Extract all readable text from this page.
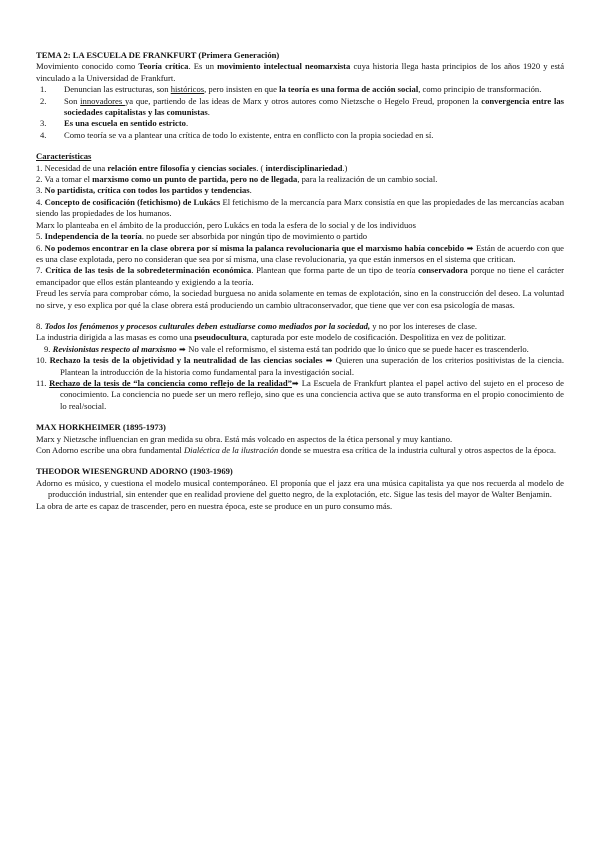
TEMA 2: LA ESCUELA DE FRANKFURT (Primera Generación)

Movimiento conocido como Teoría crítica. Es un movimiento intelectual neomarxista cuya historia llega hasta principios de los años 1920 y está vinculado a la Universidad de Frankfurt.

1.	Denuncian las estructuras, son históricos, pero insisten en que la teoría es una forma de acción social, como principio de transformación.
2.	Son innovadores ya que, partiendo de las ideas de Marx y otros autores como Nietzsche o Hegelo Freud, proponen la convergencia entre las sociedades capitalistas y las comunistas.
3.	Es una escuela en sentido estricto.
4.	Como teoría se va a plantear una crítica de todo lo existente, entra en conflicto con la propia sociedad en sí.

Características

1. Necesidad de una relación entre filosofía y ciencias sociales. ( interdisciplinariedad.)

2. Va a tomar el marxismo como un punto de partida, pero no de llegada, para la realización de un cambio social.

3. No partidista, crítica con todos los partidos y tendencias.

4. Concepto de cosificación (fetichismo) de Lukács El fetichismo de la mercancía para Marx consistía en que las propiedades de las mercancías acaban siendo las propiedades de los humanos.

Marx lo planteaba en el ámbito de la producción, pero Lukács en toda la esfera de lo social y de los individuos

5. Independencia de la teoría. no puede ser absorbida por ningún tipo de movimiento o partido

6. No podemos encontrar en la clase obrera por sí misma la palanca revolucionaria que el marxismo había concebido ➡ Están de acuerdo con que es una clase explotada, pero no consideran que sea por sí misma, una clase revolucionaria, ya que están inmersos en el sistema que critican.

7. Crítica de las tesis de la sobredeterminación económica. Plantean que forma parte de un tipo de teoría conservadora porque no tiene el carácter emancipador que ellos están planteando y exigiendo a la teoría.

Freud les servía para comprobar cómo, la sociedad burguesa no anida solamente en temas de explotación, sino en la construcción del deseo. La voluntad no sirve, y eso explica por qué la clase obrera está produciendo un cambio ultraconservador, que tiene que ver con esa psicología de masas.

8. Todos los fenómenos y procesos culturales deben estudiarse como mediados por la sociedad, y no por los intereses de clase.

La industria dirigida a las masas es como una pseudocultura, capturada por este modelo de cosificación. Despolitiza en vez de politizar.

9. Revisionistas respecto al marxismo ➡ No vale el reformismo, el sistema está tan podrido que lo único que se puede hacer es trascenderlo.

10. Rechazo la tesis de la objetividad y la neutralidad de las ciencias sociales ➡ Quieren una superación de los criterios positivistas de la ciencia. Plantean la introducción de la historia como fundamental para la investigación social.

11. Rechazo de la tesis de “la conciencia como reflejo de la realidad”➡ La Escuela de Frankfurt plantea el papel activo del sujeto en el proceso de conocimiento. La conciencia no puede ser un mero reflejo, sino que es una conciencia activa que se auto transforma en el propio conocimiento de lo real/social.

MAX HORKHEIMER (1895-1973)

Marx y Nietzsche influencian en gran medida su obra. Está más volcado en aspectos de la ética personal y muy kantiano.

Con Adorno escribe una obra fundamental Dialéctica de la ilustración donde se muestra esa crítica de la industria cultural y otros aspectos de la época.

THEODOR WIESENGRUND ADORNO (1903-1969)

Adorno es músico, y cuestiona el modelo musical contemporáneo. El proponía que el jazz era una música capitalista ya que nos recuerda al modelo de producción industrial, sin entender que en realidad proviene del guetto negro, de la explotación, etc. Sigue las tesis del mayor de Walter Benjamin.

La obra de arte es capaz de trascender, pero en nuestra época, este se produce en un puro consumo más.
